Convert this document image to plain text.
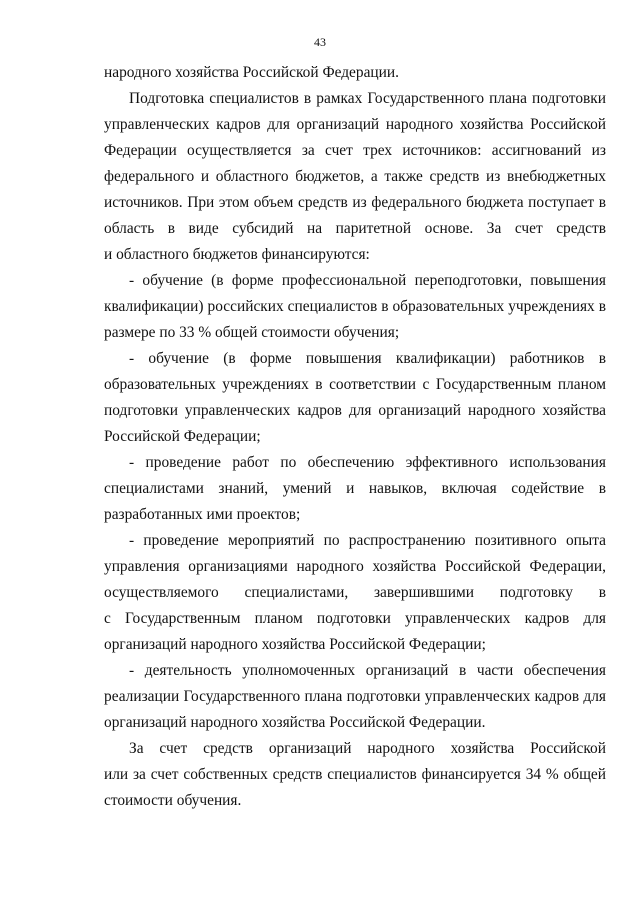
43
народного хозяйства Российской Федерации.
Подготовка специалистов в рамках Государственного плана подготовки
управленческих кадров для организаций народного хозяйства Российской
Федерации осуществляется за счет трех источников: ассигнований из
федерального и областного бюджетов, а также средств из внебюджетных
источников. При этом объем средств из федерального бюджета поступает в
область в виде субсидий на паритетной основе. За счет средств
и областного бюджетов финансируются:
- обучение (в форме профессиональной переподготовки, повышения
квалификации) российских специалистов в образовательных учреждениях в
размере по 33 % общей стоимости обучения;
- обучение (в форме повышения квалификации) работников в
образовательных учреждениях в соответствии с Государственным планом
подготовки управленческих кадров для организаций народного хозяйства
Российской Федерации;
- проведение работ по обеспечению эффективного использования
специалистами знаний, умений и навыков, включая содействие в
разработанных ими проектов;
- проведение мероприятий по распространению позитивного опыта
управления организациями народного хозяйства Российской Федерации,
осуществляемого специалистами, завершившими подготовку в
с Государственным планом подготовки управленческих кадров для
организаций народного хозяйства Российской Федерации;
- деятельность уполномоченных организаций в части обеспечения
реализации Государственного плана подготовки управленческих кадров для
организаций народного хозяйства Российской Федерации.
За счет средств организаций народного хозяйства Российской
или за счет собственных средств специалистов финансируется 34 % общей
стоимости обучения.
